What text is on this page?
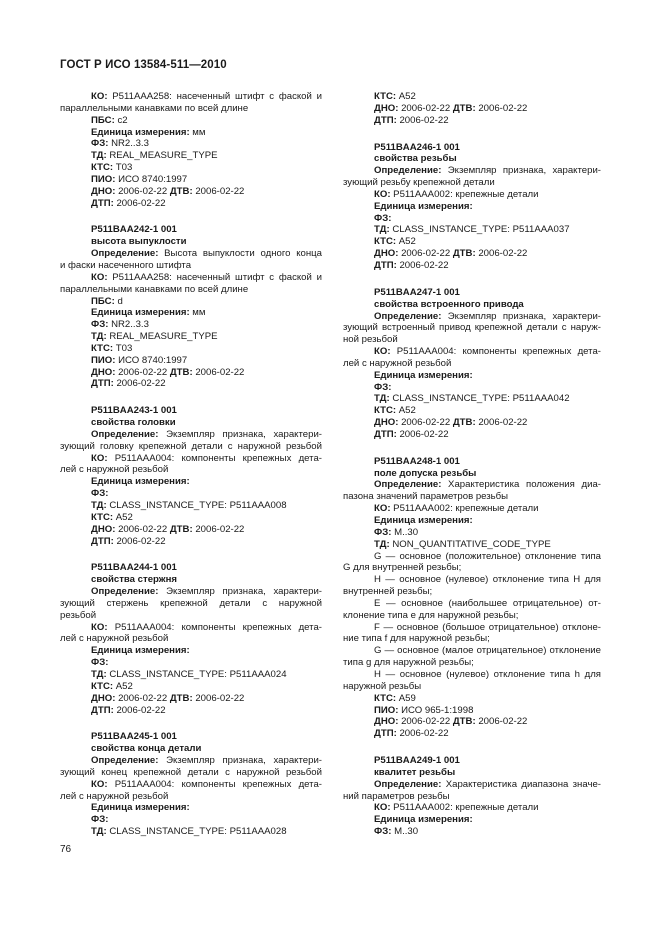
ГОСТ Р ИСО 13584-511—2010
КО: P511AAA258: насеченный штифт с фаской и
параллельными канавками по всей длине
ПБС: c2
Единица измерения: мм
ФЗ: NR2..3.3
ТД: REAL_MEASURE_TYPE
КТС: T03
ПИО: ИСО 8740:1997
ДНО: 2006-02-22 ДТВ: 2006-02-22
ДТП: 2006-02-22
P511BAA242-1 001
высота выпуклости
Определение: Высота выпуклости одного конца
и фаски насеченного штифта
КО: P511AAA258: насеченный штифт с фаской и
параллельными канавками по всей длине
ПБС: d
Единица измерения: мм
ФЗ: NR2..3.3
ТД: REAL_MEASURE_TYPE
КТС: T03
ПИО: ИСО 8740:1997
ДНО: 2006-02-22 ДТВ: 2006-02-22
ДТП: 2006-02-22
P511BAA243-1 001
свойства головки
Определение: Экземпляр признака, характери-
зующий головку крепежной детали с наружной резьбой
КО: P511AAA004: компоненты крепежных дета-
лей с наружной резьбой
Единица измерения:
ФЗ:
ТД: CLASS_INSTANCE_TYPE: P511AAA008
КТС: A52
ДНО: 2006-02-22 ДТВ: 2006-02-22
ДТП: 2006-02-22
P511BAA244-1 001
свойства стержня
Определение: Экземпляр признака, характери-
зующий стержень крепежной детали с наружной
резьбой
КО: P511AAA004: компоненты крепежных дета-
лей с наружной резьбой
Единица измерения:
ФЗ:
ТД: CLASS_INSTANCE_TYPE: P511AAA024
КТС: A52
ДНО: 2006-02-22 ДТВ: 2006-02-22
ДТП: 2006-02-22
P511BAA245-1 001
свойства конца детали
Определение: Экземпляр признака, характери-
зующий конец крепежной детали с наружной резьбой
КО: P511AAA004: компоненты крепежных дета-
лей с наружной резьбой
Единица измерения:
ФЗ:
ТД: CLASS_INSTANCE_TYPE: P511AAA028
КТС: A52
ДНО: 2006-02-22 ДТВ: 2006-02-22
ДТП: 2006-02-22
P511BAA246-1 001
свойства резьбы
Определение: Экземпляр признака, характери-
зующий резьбу крепежной детали
КО: P511AAA002: крепежные детали
Единица измерения:
ФЗ:
ТД: CLASS_INSTANCE_TYPE: P511AAA037
КТС: A52
ДНО: 2006-02-22 ДТВ: 2006-02-22
ДТП: 2006-02-22
P511BAA247-1 001
свойства встроенного привода
Определение: Экземпляр признака, характери-
зующий встроенный привод крепежной детали с наруж-
ной резьбой
КО: P511AAA004: компоненты крепежных дета-
лей с наружной резьбой
Единица измерения:
ФЗ:
ТД: CLASS_INSTANCE_TYPE: P511AAA042
КТС: A52
ДНО: 2006-02-22 ДТВ: 2006-02-22
ДТП: 2006-02-22
P511BAA248-1 001
поле допуска резьбы
Определение: Характеристика положения диа-
пазона значений параметров резьбы
КО: P511AAA002: крепежные детали
Единица измерения:
ФЗ: M..30
ТД: NON_QUANTITATIVE_CODE_TYPE
G — основное (положительное) отклонение типа
G для внутренней резьбы;
H — основное (нулевое) отклонение типа H для
внутренней резьбы;
E — основное (наибольшее отрицательное) от-
клонение типа e для наружной резьбы;
F — основное (большое отрицательное) отклоне-
ние типа f для наружной резьбы;
G — основное (малое отрицательное) отклонение
типа g для наружной резьбы;
H — основное (нулевое) отклонение типа h для
наружной резьбы
КТС: A59
ПИО: ИСО 965-1:1998
ДНО: 2006-02-22 ДТВ: 2006-02-22
ДТП: 2006-02-22
P511BAA249-1 001
квалитет резьбы
Определение: Характеристика диапазона значе-
ний параметров резьбы
КО: P511AAA002: крепежные детали
Единица измерения:
ФЗ: M..30
76
